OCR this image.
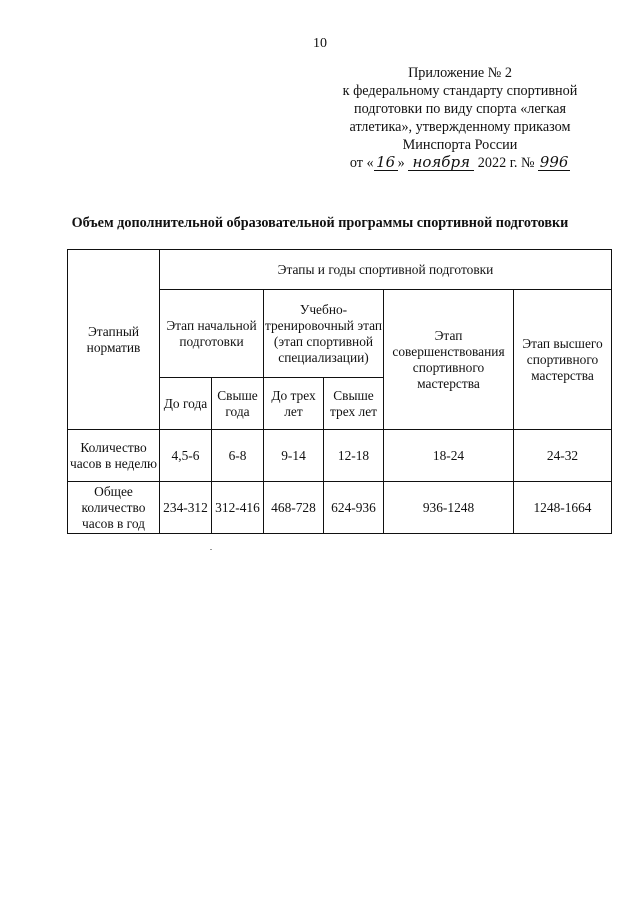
10
Приложение № 2
к федеральному стандарту спортивной
подготовки по виду спорта «легкая
атлетика», утвержденному приказом
Минспорта России
от « 16 » ноября 2022 г. № 996
Объем дополнительной образовательной программы спортивной подготовки
Этапный норматив	Этапы и годы спортивной подготовки					
	Этап начальной подготовки		Учебно-тренировочный этап (этап спортивной специализации)		Этап совершенствования спортивного мастерства	Этап высшего спортивного мастерства
	До года	Свыше года	До трех лет	Свыше трех лет		
Количество часов в неделю	4,5-6	6-8	9-14	12-18	18-24	24-32
Общее количество часов в год	234-312	312-416	468-728	624-936	936-1248	1248-1664
